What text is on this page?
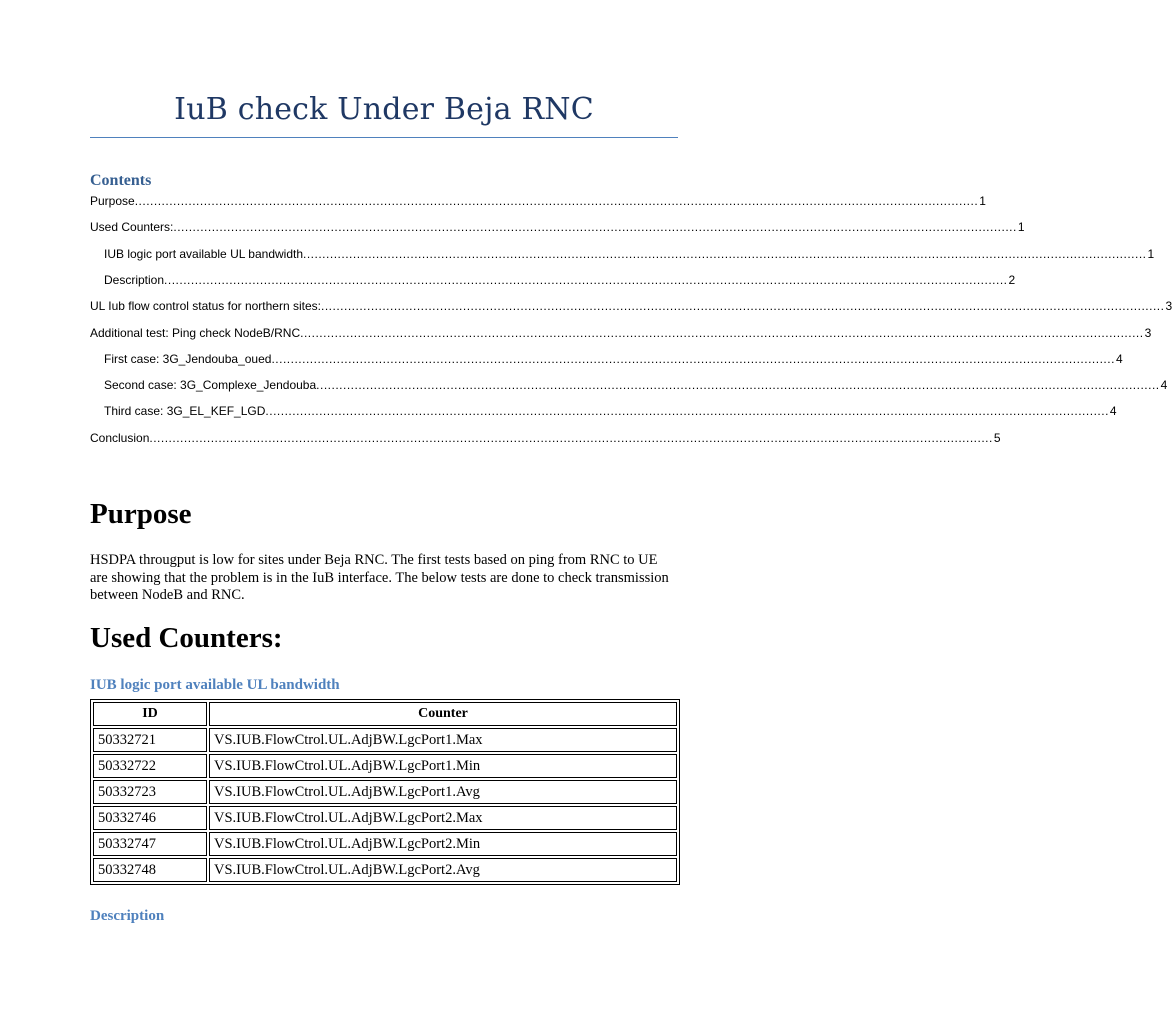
IuB check Under Beja RNC
Contents
Purpose ............................................................................................................................................................................................................................ 1
Used Counters: ............................................................................................................................................................................................................................ 1
IUB logic port available UL bandwidth ............................................................................................................................................................................................................................ 1
Description ............................................................................................................................................................................................................................ 2
UL Iub flow control status for northern sites: ............................................................................................................................................................................................................................ 3
Additional test: Ping check NodeB/RNC ............................................................................................................................................................................................................................ 3
First case: 3G_Jendouba_oued ............................................................................................................................................................................................................................ 4
Second case: 3G_Complexe_Jendouba ............................................................................................................................................................................................................................ 4
Third case: 3G_EL_KEF_LGD ............................................................................................................................................................................................................................ 4
Conclusion ............................................................................................................................................................................................................................ 5
Purpose
HSDPA througput is low for sites under Beja RNC. The first tests based on ping from RNC to UE are showing that the problem is in the IuB interface. The below tests are done to check transmission between NodeB and RNC.
Used Counters:
IUB logic port available UL bandwidth
ID	Counter
50332721	VS.IUB.FlowCtrol.UL.AdjBW.LgcPort1.Max
50332722	VS.IUB.FlowCtrol.UL.AdjBW.LgcPort1.Min
50332723	VS.IUB.FlowCtrol.UL.AdjBW.LgcPort1.Avg
50332746	VS.IUB.FlowCtrol.UL.AdjBW.LgcPort2.Max
50332747	VS.IUB.FlowCtrol.UL.AdjBW.LgcPort2.Min
50332748	VS.IUB.FlowCtrol.UL.AdjBW.LgcPort2.Avg
Description
